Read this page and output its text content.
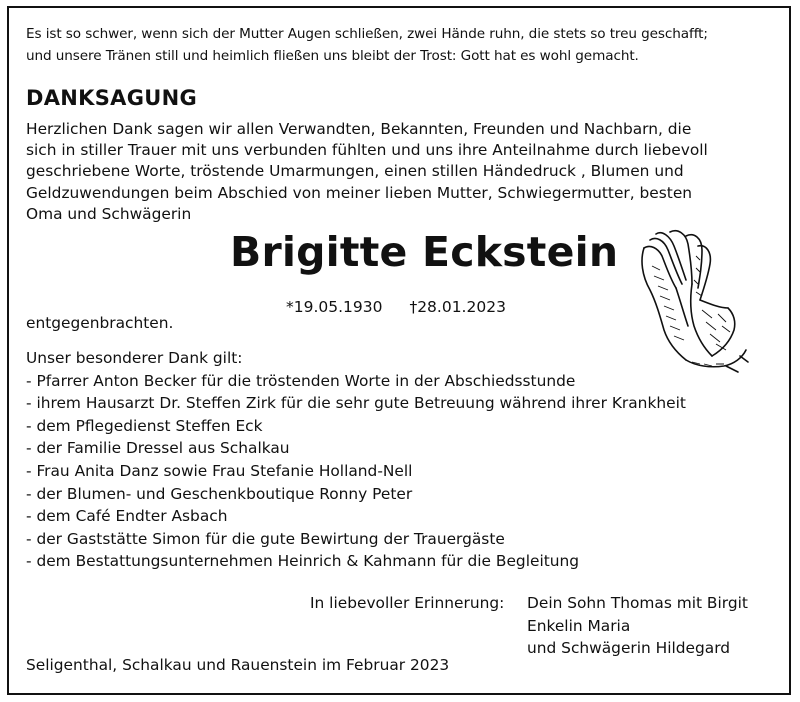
Es ist so schwer, wenn sich der Mutter Augen schließen, zwei Hände ruhn, die stets so treu geschafft;
und unsere Tränen still und heimlich fließen uns bleibt der Trost: Gott hat es wohl gemacht.
DANKSAGUNG
Herzlichen Dank sagen wir allen Verwandten, Bekannten, Freunden und Nachbarn, die
sich in stiller Trauer mit uns verbunden fühlten und uns ihre Anteilnahme durch liebevoll
geschriebene Worte, tröstende Umarmungen, einen stillen Händedruck , Blumen und
Geldzuwendungen beim Abschied von meiner lieben Mutter, Schwiegermutter, besten
Oma und Schwägerin
Brigitte Eckstein
*19.05.1930 †28.01.2023
entgegenbrachten.
Unser besonderer Dank gilt:
- Pfarrer Anton Becker für die tröstenden Worte in der Abschiedsstunde
- ihrem Hausarzt Dr. Steffen Zirk für die sehr gute Betreuung während ihrer Krankheit
- dem Pflegedienst Steffen Eck
- der Familie Dressel aus Schalkau
- Frau Anita Danz sowie Frau Stefanie Holland-Nell
- der Blumen- und Geschenkboutique Ronny Peter
- dem Café Endter Asbach
- der Gaststätte Simon für die gute Bewirtung der Trauergäste
- dem Bestattungsunternehmen Heinrich & Kahmann für die Begleitung
In liebevoller Erinnerung: Dein Sohn Thomas mit Birgit
Enkelin Maria
und Schwägerin Hildegard
Seligenthal, Schalkau und Rauenstein im Februar 2023
